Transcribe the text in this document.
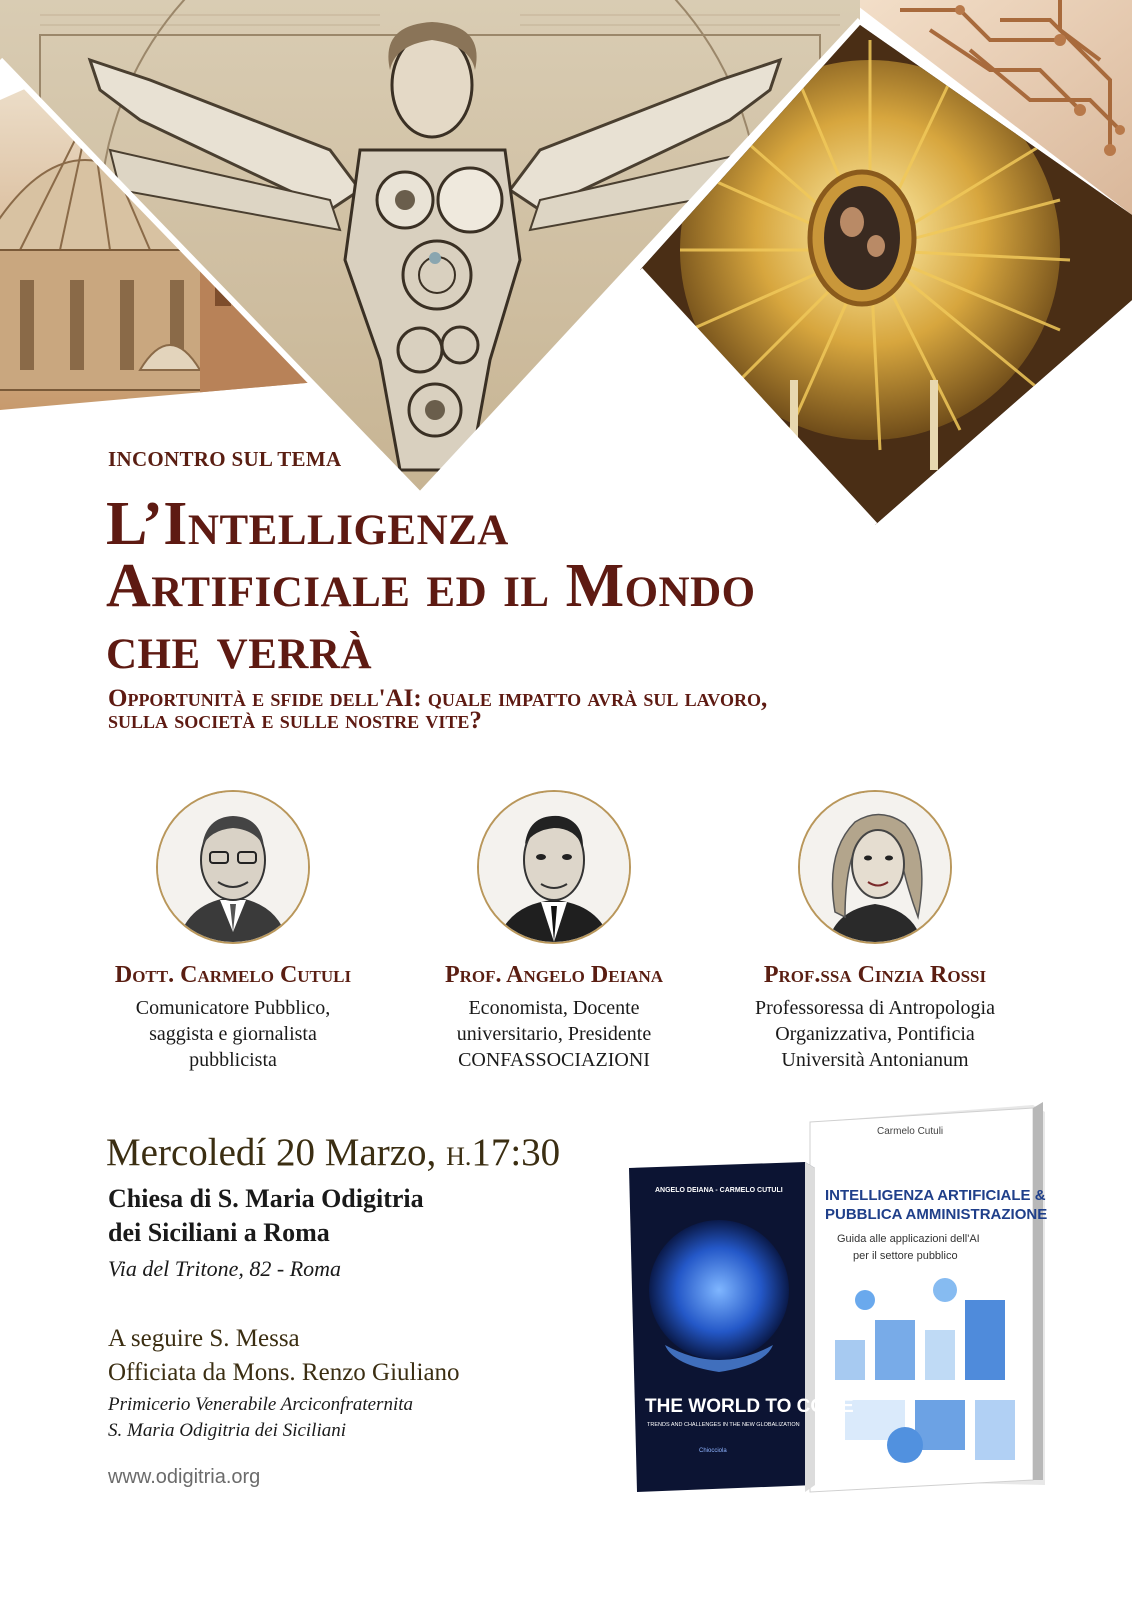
INCONTRO SUL TEMA
L’Intelligenza
Artificiale ed il Mondo
che verrà
Opportunità e sfide dell'AI: quale impatto avrà sul lavoro,
sulla società e sulle nostre vite?
Dott. Carmelo Cutuli
Comunicatore Pubblico,
saggista e giornalista
pubblicista
Prof. Angelo Deiana
Economista, Docente
universitario, Presidente
CONFASSOCIAZIONI
Prof.ssa Cinzia Rossi
Professoressa di Antropologia
Organizzativa, Pontificia
Università Antonianum
Mercoledí 20 Marzo, H.17:30
Chiesa di S. Maria Odigitria
dei Siciliani a Roma
Via del Tritone, 82 - Roma
A seguire S. Messa
Officiata da Mons. Renzo Giuliano
Primicerio Venerabile Arciconfraternita
S. Maria Odigitria dei Siciliani
www.odigitria.org
Carmelo Cutuli
INTELLIGENZA ARTIFICIALE &
PUBBLICA AMMINISTRAZIONE
Guida alle applicazioni dell'AI
per il settore pubblico
ANGELO DEIANA - CARMELO CUTULI
THE WORLD TO COME
TRENDS AND CHALLENGES IN THE NEW GLOBALIZATION
Chiocciola
